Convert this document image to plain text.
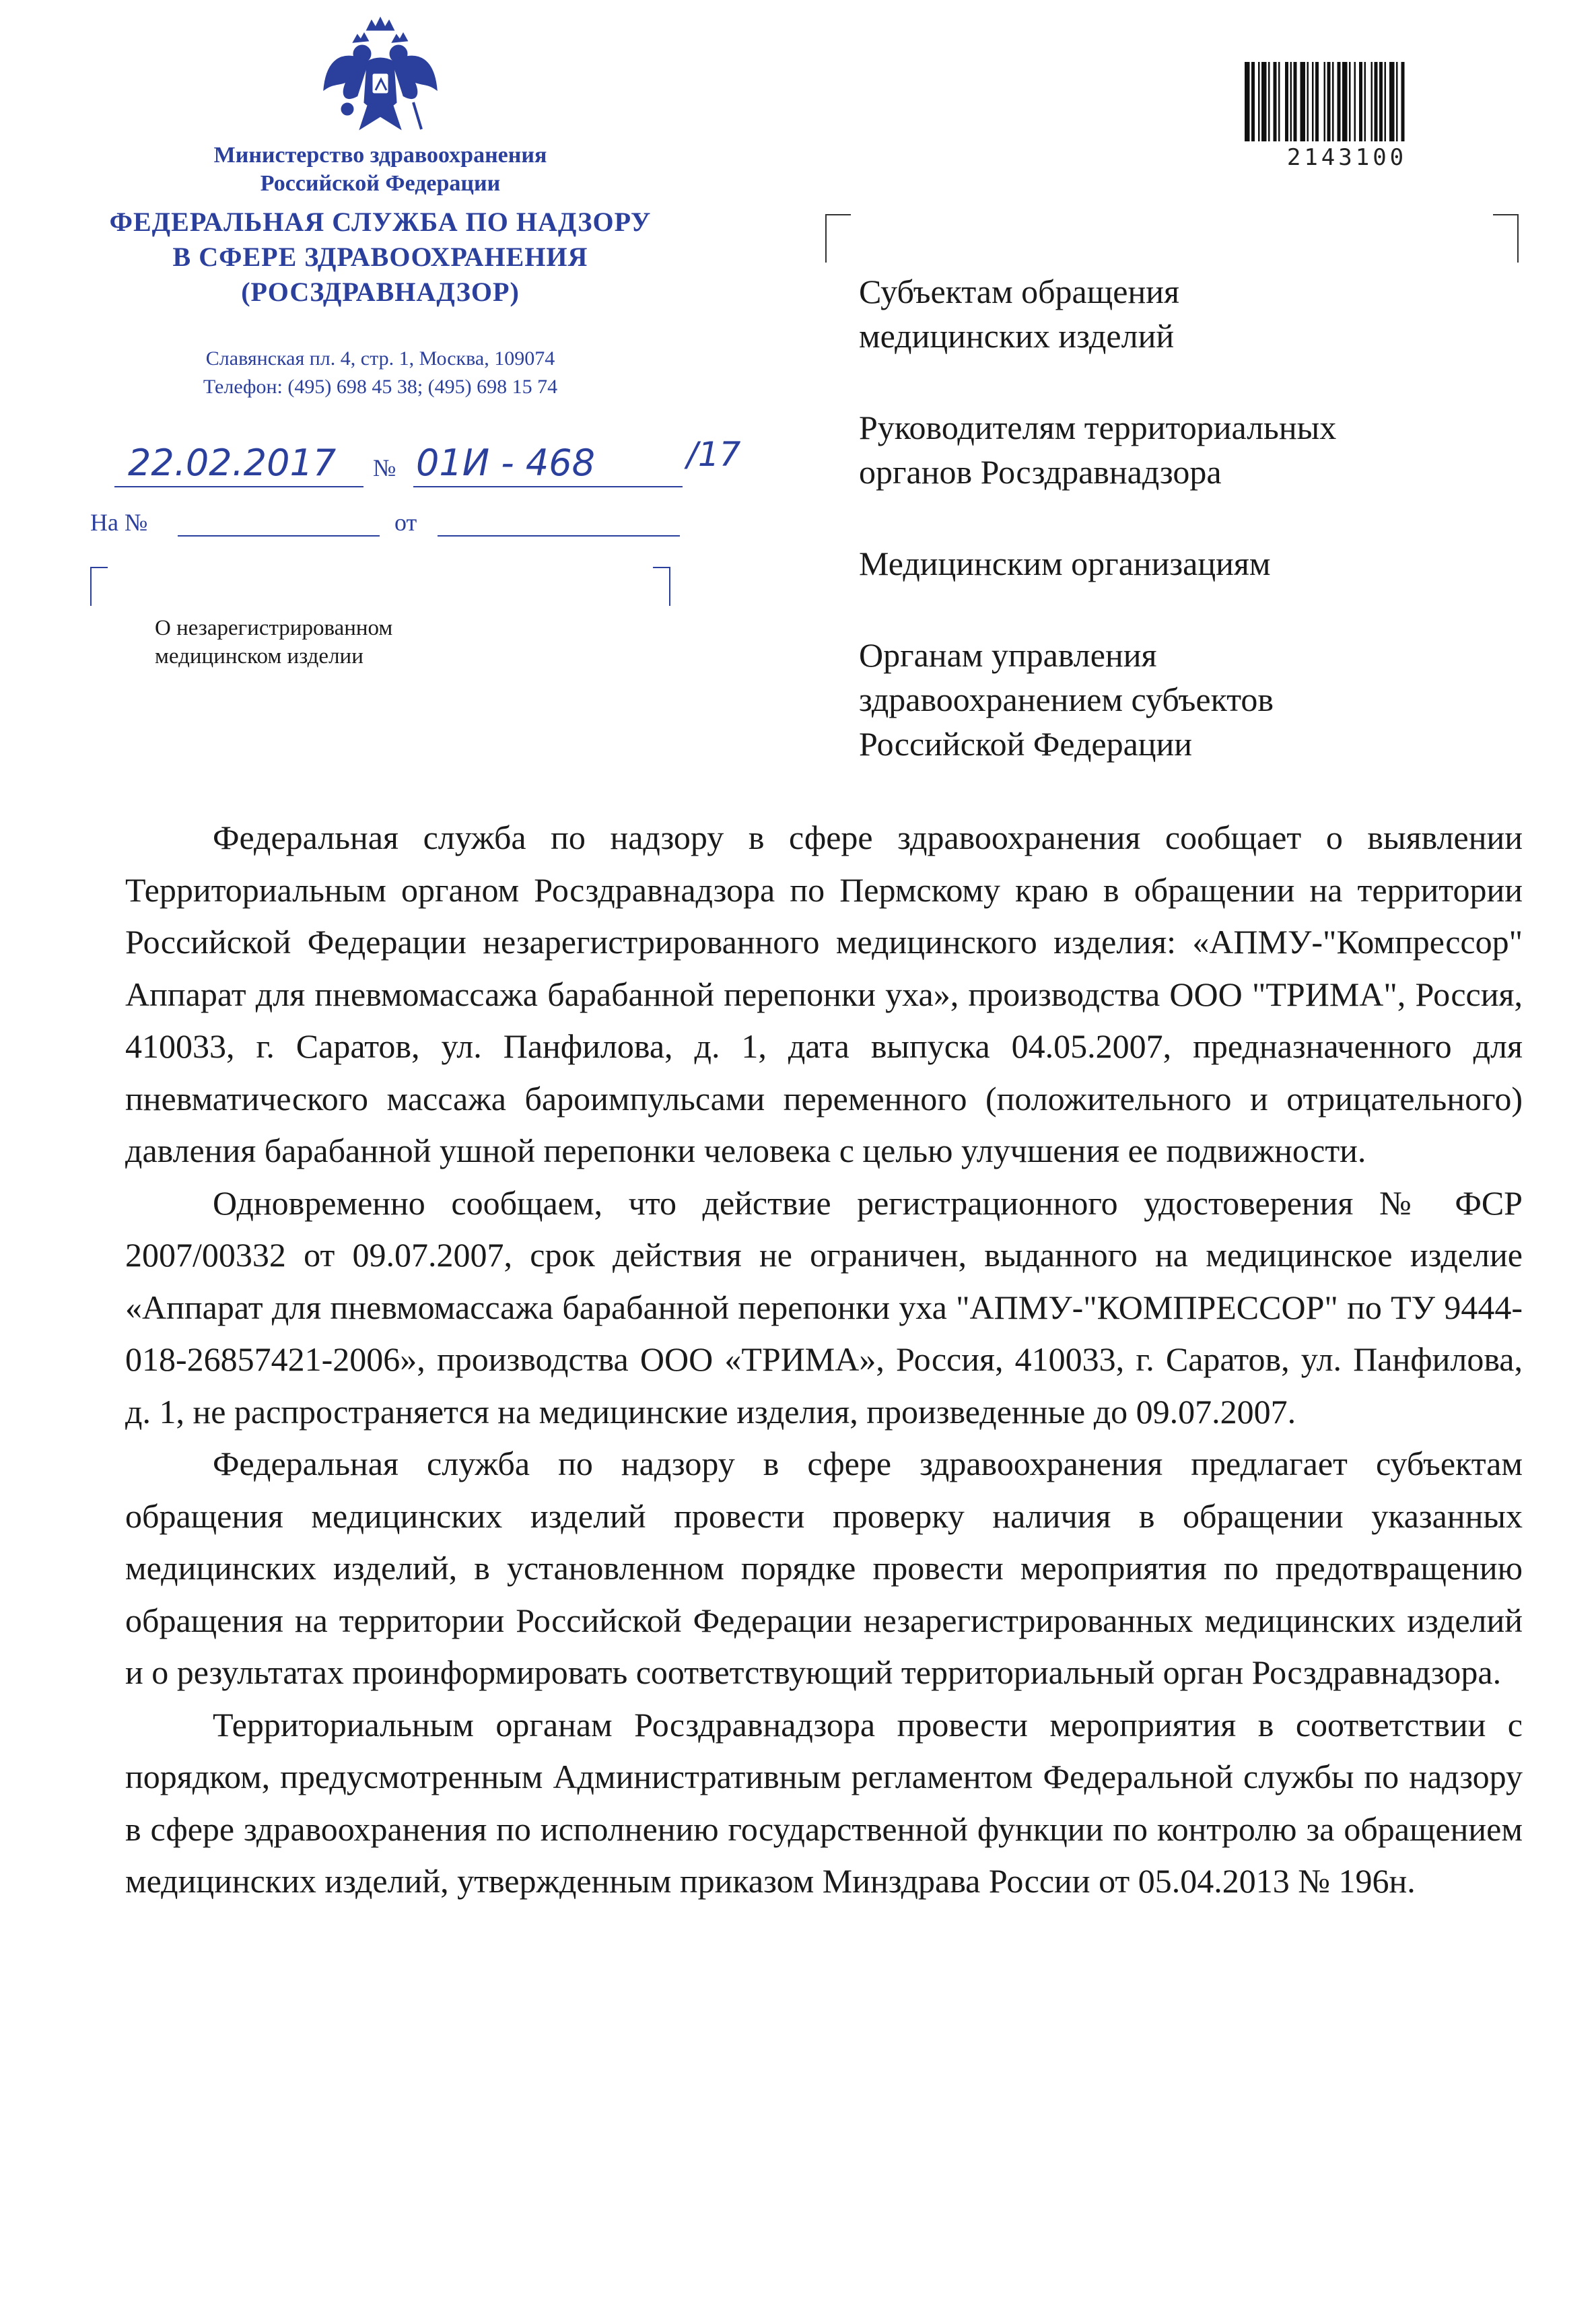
Министерство здравоохранения
Российской Федерации
ФЕДЕРАЛЬНАЯ СЛУЖБА ПО НАДЗОРУ
В СФЕРЕ ЗДРАВООХРАНЕНИЯ
(РОСЗДРАВНАДЗОР)
Славянская пл. 4, стр. 1, Москва, 109074
Телефон: (495) 698 45 38; (495) 698 15 74
22.02.2017 № 01И - 468	/17
На №	от
О незарегистрированном
медицинском изделии
2143100

Субъектам обращения
медицинских изделий

Руководителям территориальных
органов Росздравнадзора

Медицинским организациям

Органам управления
здравоохранением субъектов
Российской Федерации

Федеральная служба по надзору в сфере здравоохранения сообщает о выявлении Территориальным органом Росздравнадзора по Пермскому краю в обращении на территории Российской Федерации незарегистрированного медицинского изделия: «АПМУ-"Компрессор" Аппарат для пневмомассажа барабанной перепонки уха», производства ООО "ТРИМА", Россия, 410033, г. Саратов, ул. Панфилова, д. 1, дата выпуска 04.05.2007, предназначенного для пневматического массажа бароимпульсами переменного (положительного и отрицательного) давления барабанной ушной перепонки человека с целью улучшения ее подвижности.

Одновременно сообщаем, что действие регистрационного удостоверения № ФСР 2007/00332 от 09.07.2007, срок действия не ограничен, выданного на медицинское изделие «Аппарат для пневмомассажа барабанной перепонки уха "АПМУ-"КОМПРЕССОР" по ТУ 9444-018-26857421-2006», производства ООО «ТРИМА», Россия, 410033, г. Саратов, ул. Панфилова, д. 1, не распространяется на медицинские изделия, произведенные до 09.07.2007.

Федеральная служба по надзору в сфере здравоохранения предлагает субъектам обращения медицинских изделий провести проверку наличия в обращении указанных медицинских изделий, в установленном порядке провести мероприятия по предотвращению обращения на территории Российской Федерации незарегистрированных медицинских изделий и о результатах проинформировать соответствующий территориальный орган Росздравнадзора.

Территориальным органам Росздравнадзора провести мероприятия в соответствии с порядком, предусмотренным Административным регламентом Федеральной службы по надзору в сфере здравоохранения по исполнению государственной функции по контролю за обращением медицинских изделий, утвержденным приказом Минздрава России от 05.04.2013 № 196н.
